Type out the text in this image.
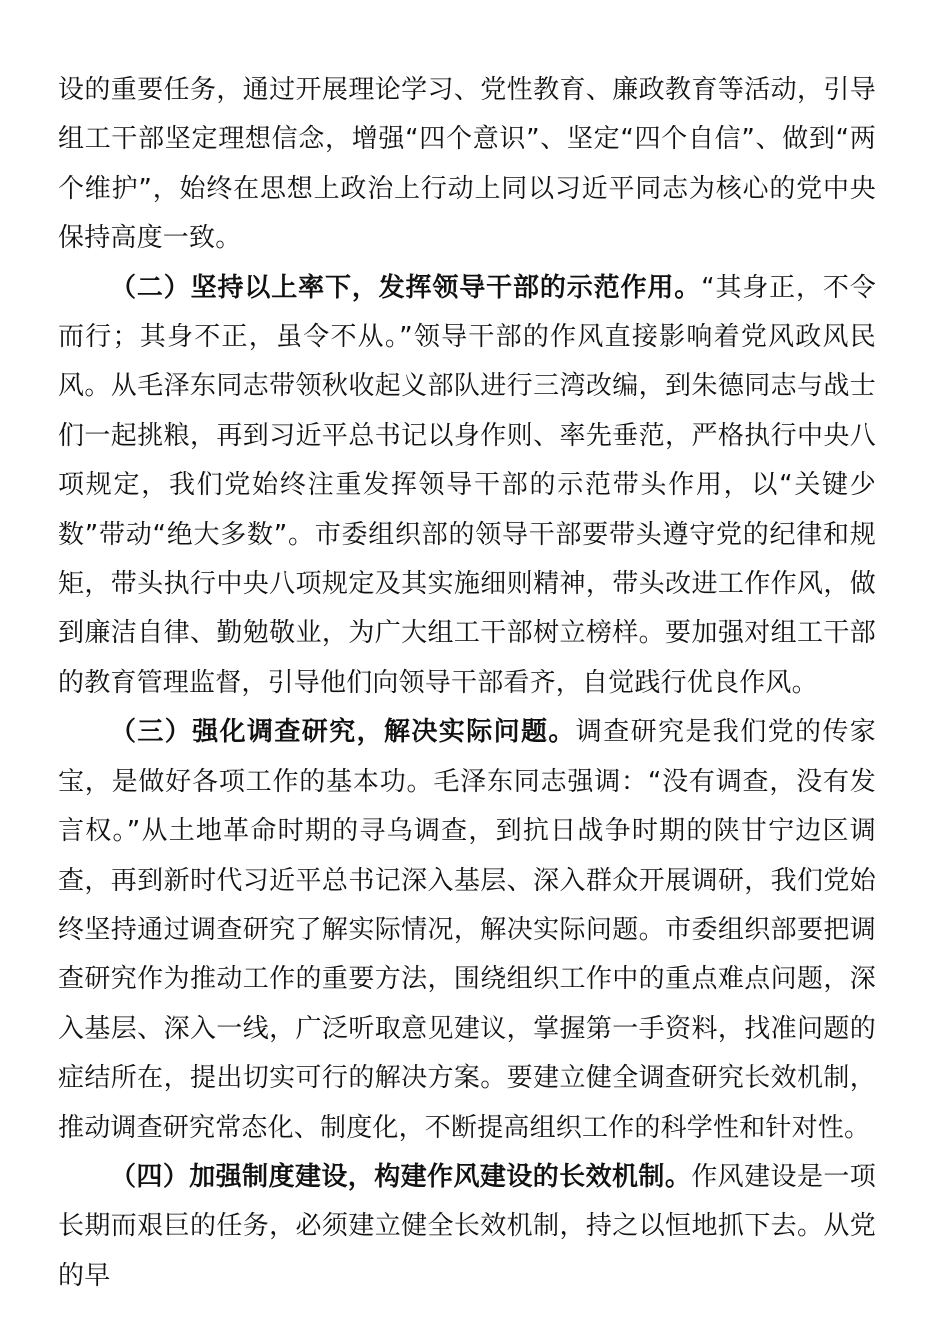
设的重要任务，通过开展理论学习、党性教育、廉政教育等活动，引导组工干部坚定理想信念，增强“四个意识”、坚定“四个自信”、做到“两个维护”，始终在思想上政治上行动上同以习近平同志为核心的党中央保持高度一致。

（二）坚持以上率下，发挥领导干部的示范作用。“其身正，不令而行；其身不正，虽令不从。”领导干部的作风直接影响着党风政风民风。从毛泽东同志带领秋收起义部队进行三湾改编，到朱德同志与战士们一起挑粮，再到习近平总书记以身作则、率先垂范，严格执行中央八项规定，我们党始终注重发挥领导干部的示范带头作用，以“关键少数”带动“绝大多数”。市委组织部的领导干部要带头遵守党的纪律和规矩，带头执行中央八项规定及其实施细则精神，带头改进工作作风，做到廉洁自律、勤勉敬业，为广大组工干部树立榜样。要加强对组工干部的教育管理监督，引导他们向领导干部看齐，自觉践行优良作风。

（三）强化调查研究，解决实际问题。调查研究是我们党的传家宝，是做好各项工作的基本功。毛泽东同志强调：“没有调查，没有发言权。”从土地革命时期的寻乌调查，到抗日战争时期的陕甘宁边区调查，再到新时代习近平总书记深入基层、深入群众开展调研，我们党始终坚持通过调查研究了解实际情况，解决实际问题。市委组织部要把调查研究作为推动工作的重要方法，围绕组织工作中的重点难点问题，深入基层、深入一线，广泛听取意见建议，掌握第一手资料，找准问题的症结所在，提出切实可行的解决方案。要建立健全调查研究长效机制，推动调查研究常态化、制度化，不断提高组织工作的科学性和针对性。

（四）加强制度建设，构建作风建设的长效机制。作风建设是一项长期而艰巨的任务，必须建立健全长效机制，持之以恒地抓下去。从党的早
